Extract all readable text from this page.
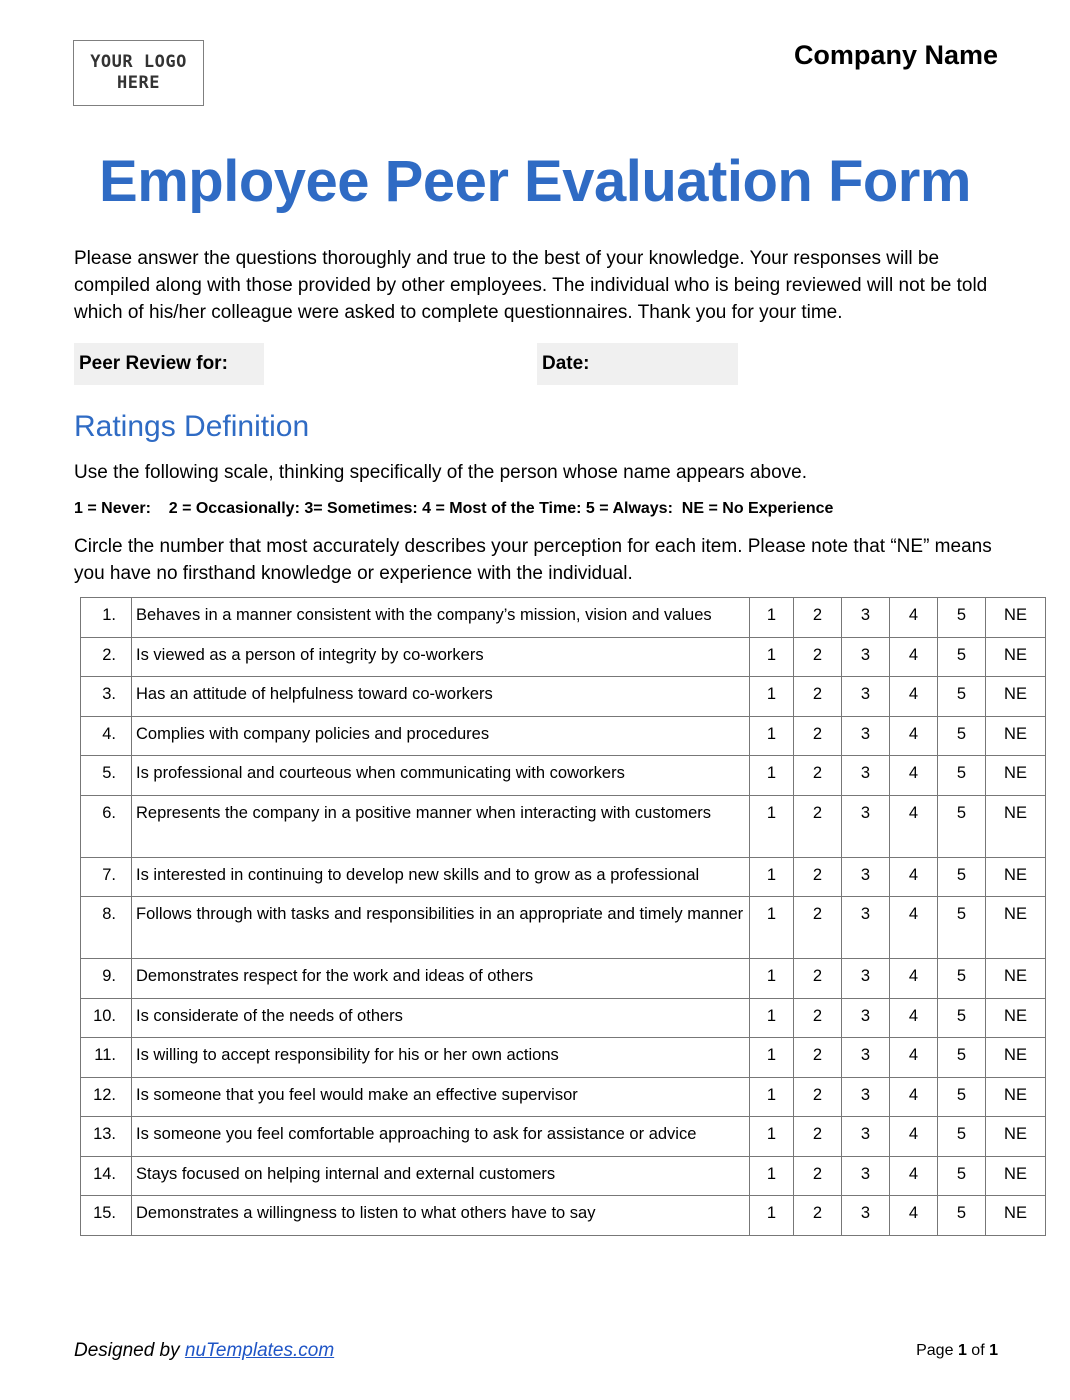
YOUR LOGO
HERE
Company Name
Employee Peer Evaluation Form

Please answer the questions thoroughly and true to the best of your knowledge. Your responses will be compiled along with those provided by other employees. The individual who is being reviewed will not be told which of his/her colleague were asked to complete questionnaires. Thank you for your time.

Peer Review for:	Date:
Ratings Definition
Use the following scale, thinking specifically of the person whose name appears above.
1 = Never:    2 = Occasionally: 3= Sometimes: 4 = Most of the Time: 5 = Always:  NE = No Experience

Circle the number that most accurately describes your perception for each item. Please note that “NE” means you have no firsthand knowledge or experience with the individual.

1.	Behaves in a manner consistent with the company’s mission, vision and values	1	2	3	4	5	NE
2.	Is viewed as a person of integrity by co-workers	1	2	3	4	5	NE
3.	Has an attitude of helpfulness toward co-workers	1	2	3	4	5	NE
4.	Complies with company policies and procedures	1	2	3	4	5	NE
5.	Is professional and courteous when communicating with coworkers	1	2	3	4	5	NE
6.	Represents the company in a positive manner when interacting with customers	1	2	3	4	5	NE
7.	Is interested in continuing to develop new skills and to grow as a professional	1	2	3	4	5	NE
8.	Follows through with tasks and responsibilities in an appropriate and timely manner	1	2	3	4	5	NE
9.	Demonstrates respect for the work and ideas of others	1	2	3	4	5	NE
10.	Is considerate of the needs of others	1	2	3	4	5	NE
11.	Is willing to accept responsibility for his or her own actions	1	2	3	4	5	NE
12.	Is someone that you feel would make an effective supervisor	1	2	3	4	5	NE
13.	Is someone you feel comfortable approaching to ask for assistance or advice	1	2	3	4	5	NE
14.	Stays focused on helping internal and external customers	1	2	3	4	5	NE
15.	Demonstrates a willingness to listen to what others have to say	1	2	3	4	5	NE
Designed by nuTemplates.com	Page 1 of 1
